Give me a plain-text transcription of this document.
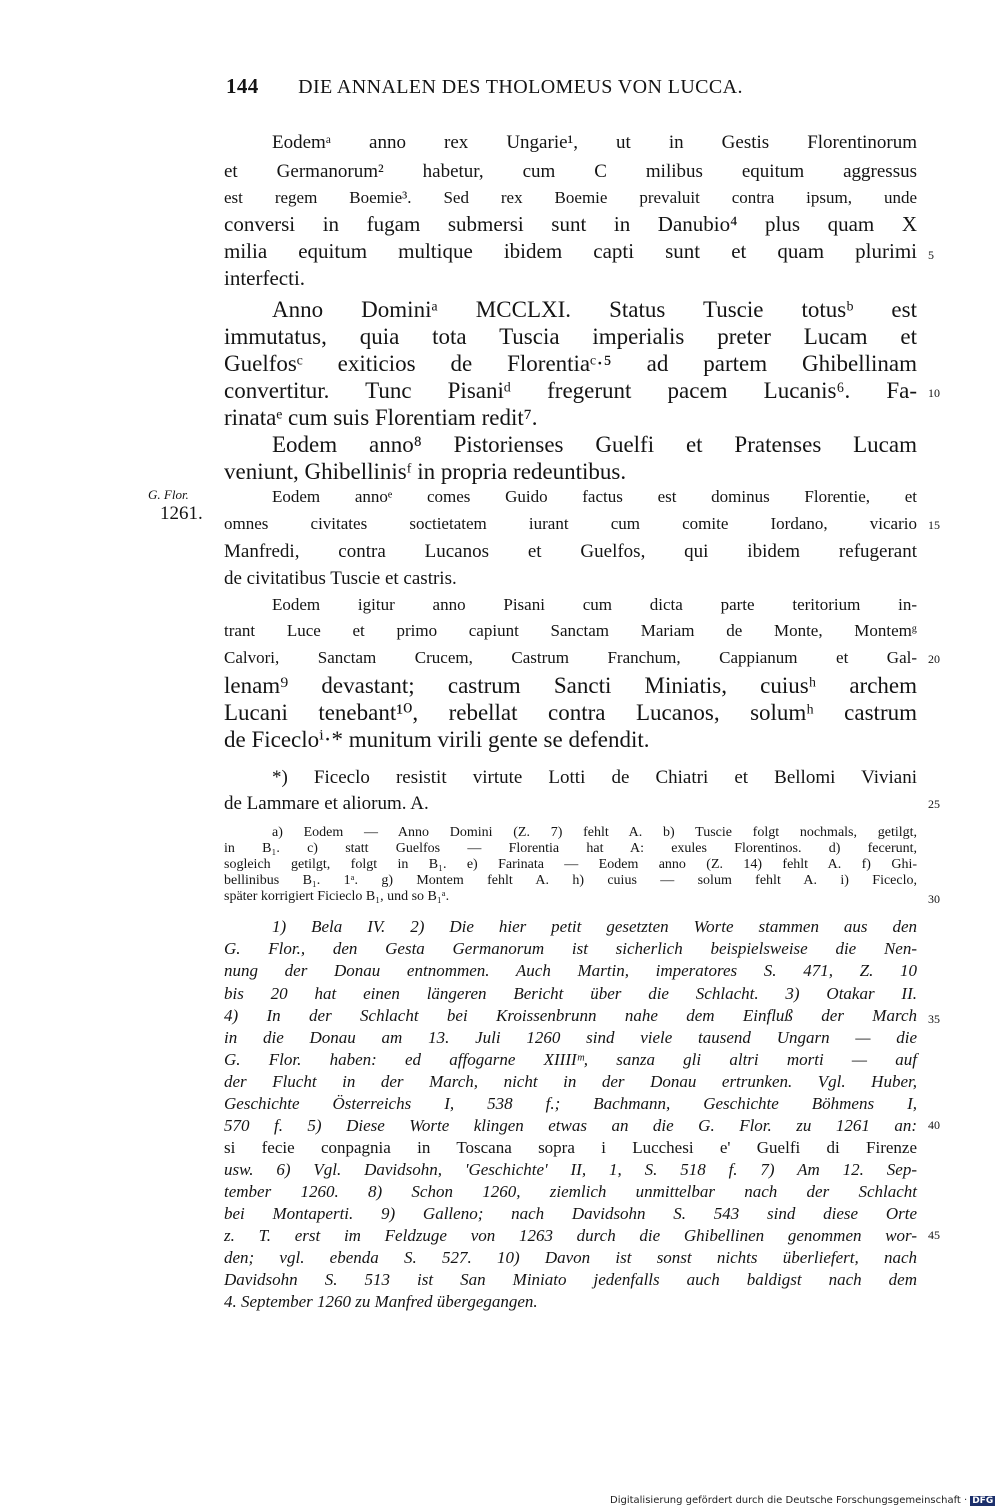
144 DIE ANNALEN DES THOLOMEUS VON LUCCA.
Eodemᵃ anno rex Ungarie¹, ut in Gestis Florentinorum
et Germanorum² habetur, cum C milibus equitum aggressus
est regem Boemie³. Sed rex Boemie prevaluit contra ipsum, unde
conversi in fugam submersi sunt in Danubio⁴ plus quam X
milia equitum multique ibidem capti sunt et quam plurimi
interfecti.
Anno Dominiᵃ MCCLXI. Status Tuscie totusᵇ est
immutatus, quia tota Tuscia imperialis preter Lucam et
Guelfosᶜ exiticios de Florentiaᶜ·⁵ ad partem Ghibellinam
convertitur. Tunc Pisaniᵈ fregerunt pacem Lucanis⁶. Fa-
rinataᵉ cum suis Florentiam redit⁷.
Eodem anno⁸ Pistorienses Guelfi et Pratenses Lucam
veniunt, Ghibellinisᶠ in propria redeuntibus.
Eodem annoᵉ comes Guido factus est dominus Florentie, et
omnes civitates soctietatem iurant cum comite Iordano, vicario
Manfredi, contra Lucanos et Guelfos, qui ibidem refugerant
de civitatibus Tuscie et castris.
Eodem igitur anno Pisani cum dicta parte teritorium in-
trant Luce et primo capiunt Sanctam Mariam de Monte, Montemᵍ
Calvori, Sanctam Crucem, Castrum Franchum, Cappianum et Gal-
lenam⁹ devastant; castrum Sancti Miniatis, cuiusʰ archem
Lucani tenebant¹⁰, rebellat contra Lucanos, solumʰ castrum
de Ficecloⁱ·* munitum virili gente se defendit.
G. Flor.
1261.
*) Ficeclo resistit virtute Lotti de Chiatri et Bellomi Viviani
de Lammare et aliorum. A.
a) Eodem — Anno Domini (Z. 7) fehlt A. b) Tuscie folgt nochmals, getilgt,
in B₁. c) statt Guelfos — Florentia hat A: exules Florentinos. d) fecerunt,
sogleich getilgt, folgt in B₁. e) Farinata — Eodem anno (Z. 14) fehlt A. f) Ghi-
bellinibus B₁. 1ᵃ. g) Montem fehlt A. h) cuius — solum fehlt A. i) Ficeclo,
später korrigiert Ficieclo B₁, und so B₁ᵃ.
1) Bela IV. 2) Die hier petit gesetzten Worte stammen aus den
G. Flor., den Gesta Germanorum ist sicherlich beispielsweise die Nen-
nung der Donau entnommen. Auch Martin, imperatores S. 471, Z. 10
bis 20 hat einen längeren Bericht über die Schlacht. 3) Otakar II.
4) In der Schlacht bei Kroissenbrunn nahe dem Einfluß der March
in die Donau am 13. Juli 1260 sind viele tausend Ungarn — die
G. Flor. haben: ed affogarne XIIIIᵐ, sanza gli altri morti — auf
der Flucht in der March, nicht in der Donau ertrunken. Vgl. Huber,
Geschichte Österreichs I, 538 f.; Bachmann, Geschichte Böhmens I,
570 f. 5) Diese Worte klingen etwas an die G. Flor. zu 1261 an:
si fecie conpagnia in Toscana sopra i Lucchesi e' Guelfi di Firenze
usw. 6) Vgl. Davidsohn, 'Geschichte' II, 1, S. 518 f. 7) Am 12. Sep-
tember 1260. 8) Schon 1260, ziemlich unmittelbar nach der Schlacht
bei Montaperti. 9) Galleno; nach Davidsohn S. 543 sind diese Orte
z. T. erst im Feldzuge von 1263 durch die Ghibellinen genommen wor-
den; vgl. ebenda S. 527. 10) Davon ist sonst nichts überliefert, nach
Davidsohn S. 513 ist San Miniato jedenfalls auch baldigst nach dem
4. September 1260 zu Manfred übergegangen.
5
10
15
20
25
30
35
40
45
Digitalisierung gefördert durch die Deutsche Forschungsgemeinschaft · DFG
